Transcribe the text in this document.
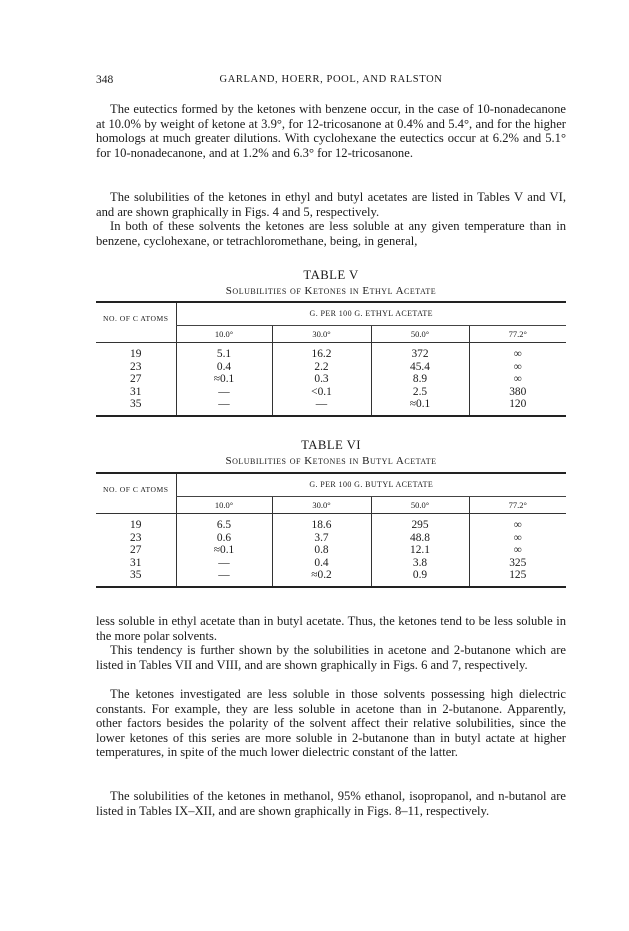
348	GARLAND, HOERR, POOL, AND RALSTON

The eutectics formed by the ketones with benzene occur, in the case of 10-nonadecanone at 10.0% by weight of ketone at 3.9°, for 12-tricosanone at 0.4% and 5.4°, and for the higher homologs at much greater dilutions. With cyclohexane the eutectics occur at 6.2% and 5.1° for 10-nonadecanone, and at 1.2% and 6.3° for 12-tricosanone.

The solubilities of the ketones in ethyl and butyl acetates are listed in Tables V and VI, and are shown graphically in Figs. 4 and 5, respectively.

In both of these solvents the ketones are less soluble at any given temperature than in benzene, cyclohexane, or tetrachloromethane, being, in general,

TABLE V

Solubilities of Ketones in Ethyl Acetate

NO. OF C ATOMS	G. PER 100 G. ETHYL ACETATE			
	10.0°	30.0°	50.0°	77.2°
19	5.1	16.2	372	∞
23	0.4	2.2	45.4	∞
27	≈0.1	0.3	8.9	∞
31	—	<0.1	2.5	380
35	—	—	≈0.1	120

TABLE VI

Solubilities of Ketones in Butyl Acetate

NO. OF C ATOMS	G. PER 100 G. BUTYL ACETATE			
	10.0°	30.0°	50.0°	77.2°
19	6.5	18.6	295	∞
23	0.6	3.7	48.8	∞
27	≈0.1	0.8	12.1	∞
31	—	0.4	3.8	325
35	—	≈0.2	0.9	125

less soluble in ethyl acetate than in butyl acetate. Thus, the ketones tend to be less soluble in the more polar solvents.

This tendency is further shown by the solubilities in acetone and 2-butanone which are listed in Tables VII and VIII, and are shown graphically in Figs. 6 and 7, respectively.

The ketones investigated are less soluble in those solvents possessing high dielectric constants. For example, they are less soluble in acetone than in 2-butanone. Apparently, other factors besides the polarity of the solvent affect their relative solubilities, since the lower ketones of this series are more soluble in 2-butanone than in butyl actate at higher temperatures, in spite of the much lower dielectric constant of the latter.

The solubilities of the ketones in methanol, 95% ethanol, isopropanol, and n-butanol are listed in Tables IX–XII, and are shown graphically in Figs. 8–11, respectively.
